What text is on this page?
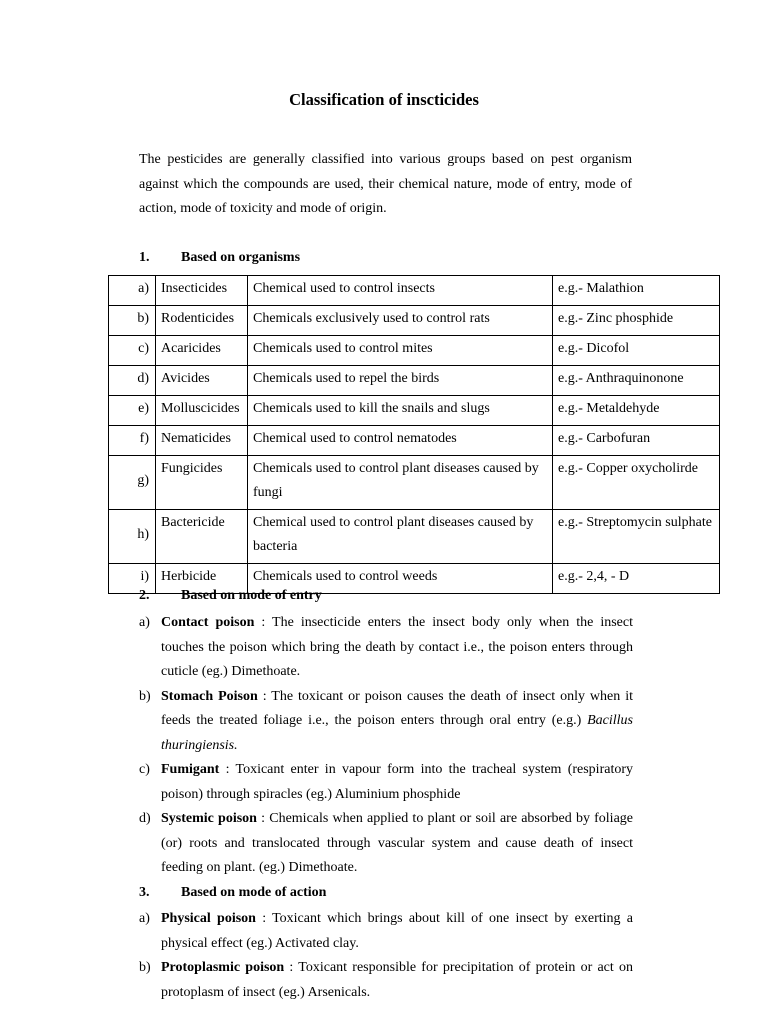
Classification of inscticides
The pesticides are generally classified into various groups based on pest organism against which the compounds are used, their chemical nature, mode of entry, mode of action, mode of toxicity and mode of origin.
1. Based on organisms
a)	Insecticides	Chemical used to control insects	e.g.- Malathion
b)	Rodenticides	Chemicals exclusively used to control rats	e.g.- Zinc phosphide
c)	Acaricides	Chemicals used to control mites	e.g.- Dicofol
d)	Avicides	Chemicals used to repel the birds	e.g.- Anthraquinonone
e)	Molluscicides	Chemicals used to kill the snails and slugs	e.g.- Metaldehyde
f)	Nematicides	Chemical used to control nematodes	e.g.- Carbofuran
g)	Fungicides	Chemicals used to control plant diseases caused by fungi	e.g.- Copper oxycholirde
h)	Bactericide	Chemical used to control plant diseases caused by bacteria	e.g.- Streptomycin sulphate
i)	Herbicide	Chemicals used to control weeds	e.g.- 2,4, - D
2. Based on mode of entry
a) Contact poison : The insecticide enters the insect body only when the insect touches the poison which bring the death by contact i.e., the poison enters through cuticle (eg.) Dimethoate.
b) Stomach Poison : The toxicant or poison causes the death of insect only when it feeds the treated foliage i.e., the poison enters through oral entry (e.g.) Bacillus thuringiensis.
c) Fumigant : Toxicant enter in vapour form into the tracheal system (respiratory poison) through spiracles (eg.) Aluminium phosphide
d) Systemic poison : Chemicals when applied to plant or soil are absorbed by foliage (or) roots and translocated through vascular system and cause death of insect feeding on plant. (eg.) Dimethoate.
3. Based on mode of action
a) Physical poison : Toxicant which brings about kill of one insect by exerting a physical effect (eg.) Activated clay.
b) Protoplasmic poison : Toxicant responsible for precipitation of protein or act on protoplasm of insect (eg.) Arsenicals.
